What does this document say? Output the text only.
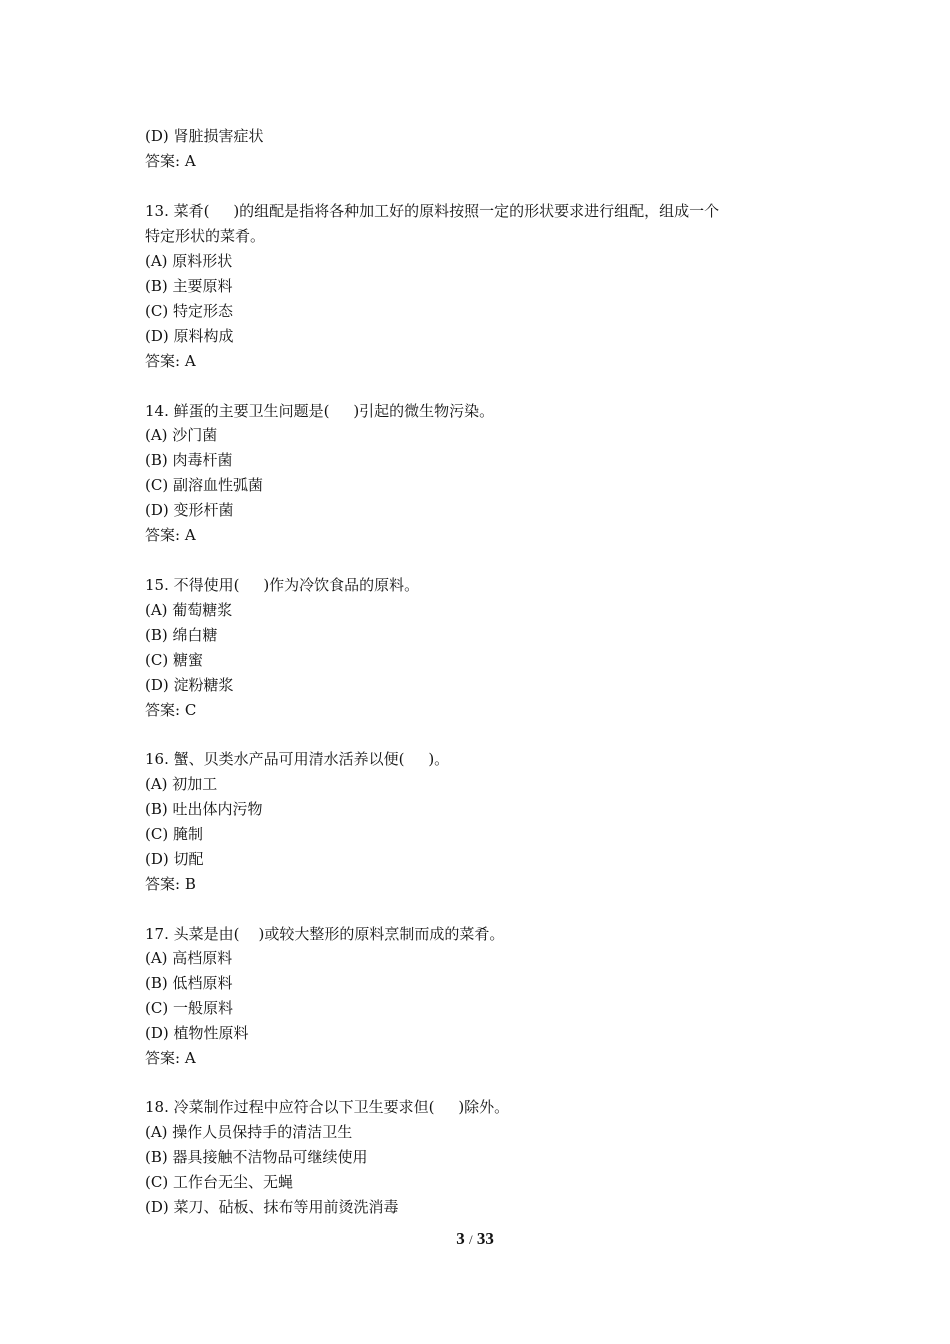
(D) 肾脏损害症状
答案: A
13. 菜肴(     )的组配是指将各种加工好的原料按照一定的形状要求进行组配，组成一个
特定形状的菜肴。
(A) 原料形状
(B) 主要原料
(C) 特定形态
(D) 原料构成
答案: A
14. 鲜蛋的主要卫生问题是(     )引起的微生物污染。
(A) 沙门菌
(B) 肉毒杆菌
(C) 副溶血性弧菌
(D) 变形杆菌
答案: A
15. 不得使用(     )作为冷饮食品的原料。
(A) 葡萄糖浆
(B) 绵白糖
(C) 糖蜜
(D) 淀粉糖浆
答案: C
16. 蟹、贝类水产品可用清水活养以便(     )。
(A) 初加工
(B) 吐出体内污物
(C) 腌制
(D) 切配
答案: B
17. 头菜是由(    )或较大整形的原料烹制而成的菜肴。
(A) 高档原料
(B) 低档原料
(C) 一般原料
(D) 植物性原料
答案: A
18. 冷菜制作过程中应符合以下卫生要求但(     )除外。
(A) 操作人员保持手的清洁卫生
(B) 器具接触不洁物品可继续使用
(C) 工作台无尘、无蝇
(D) 菜刀、砧板、抹布等用前烫洗消毒
3 / 33
